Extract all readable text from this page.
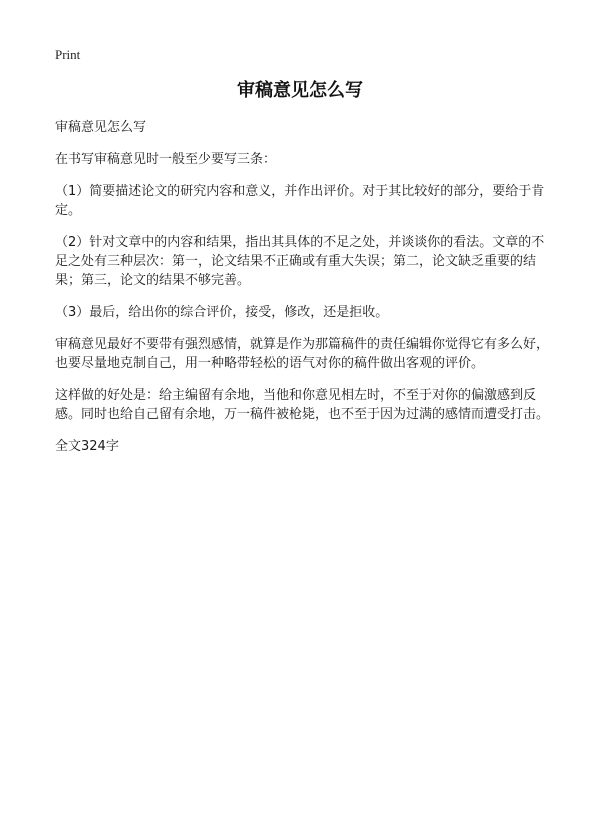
Print
审稿意见怎么写

审稿意见怎么写

在书写审稿意见时一般至少要写三条：

（1）简要描述论文的研究内容和意义，并作出评价。对于其比较好的部分，要给于肯定。

（2）针对文章中的内容和结果，指出其具体的不足之处，并谈谈你的看法。文章的不足之处有三种层次：第一，论文结果不正确或有重大失误；第二，论文缺乏重要的结果；第三，论文的结果不够完善。

（3）最后，给出你的综合评价，接受，修改，还是拒收。

审稿意见最好不要带有强烈感情，就算是作为那篇稿件的责任编辑你觉得它有多么好，也要尽量地克制自己，用一种略带轻松的语气对你的稿件做出客观的评价。

这样做的好处是：给主编留有余地，当他和你意见相左时，不至于对你的偏激感到反感。同时也给自己留有余地，万一稿件被枪毙，也不至于因为过满的感情而遭受打击。

全文324字
